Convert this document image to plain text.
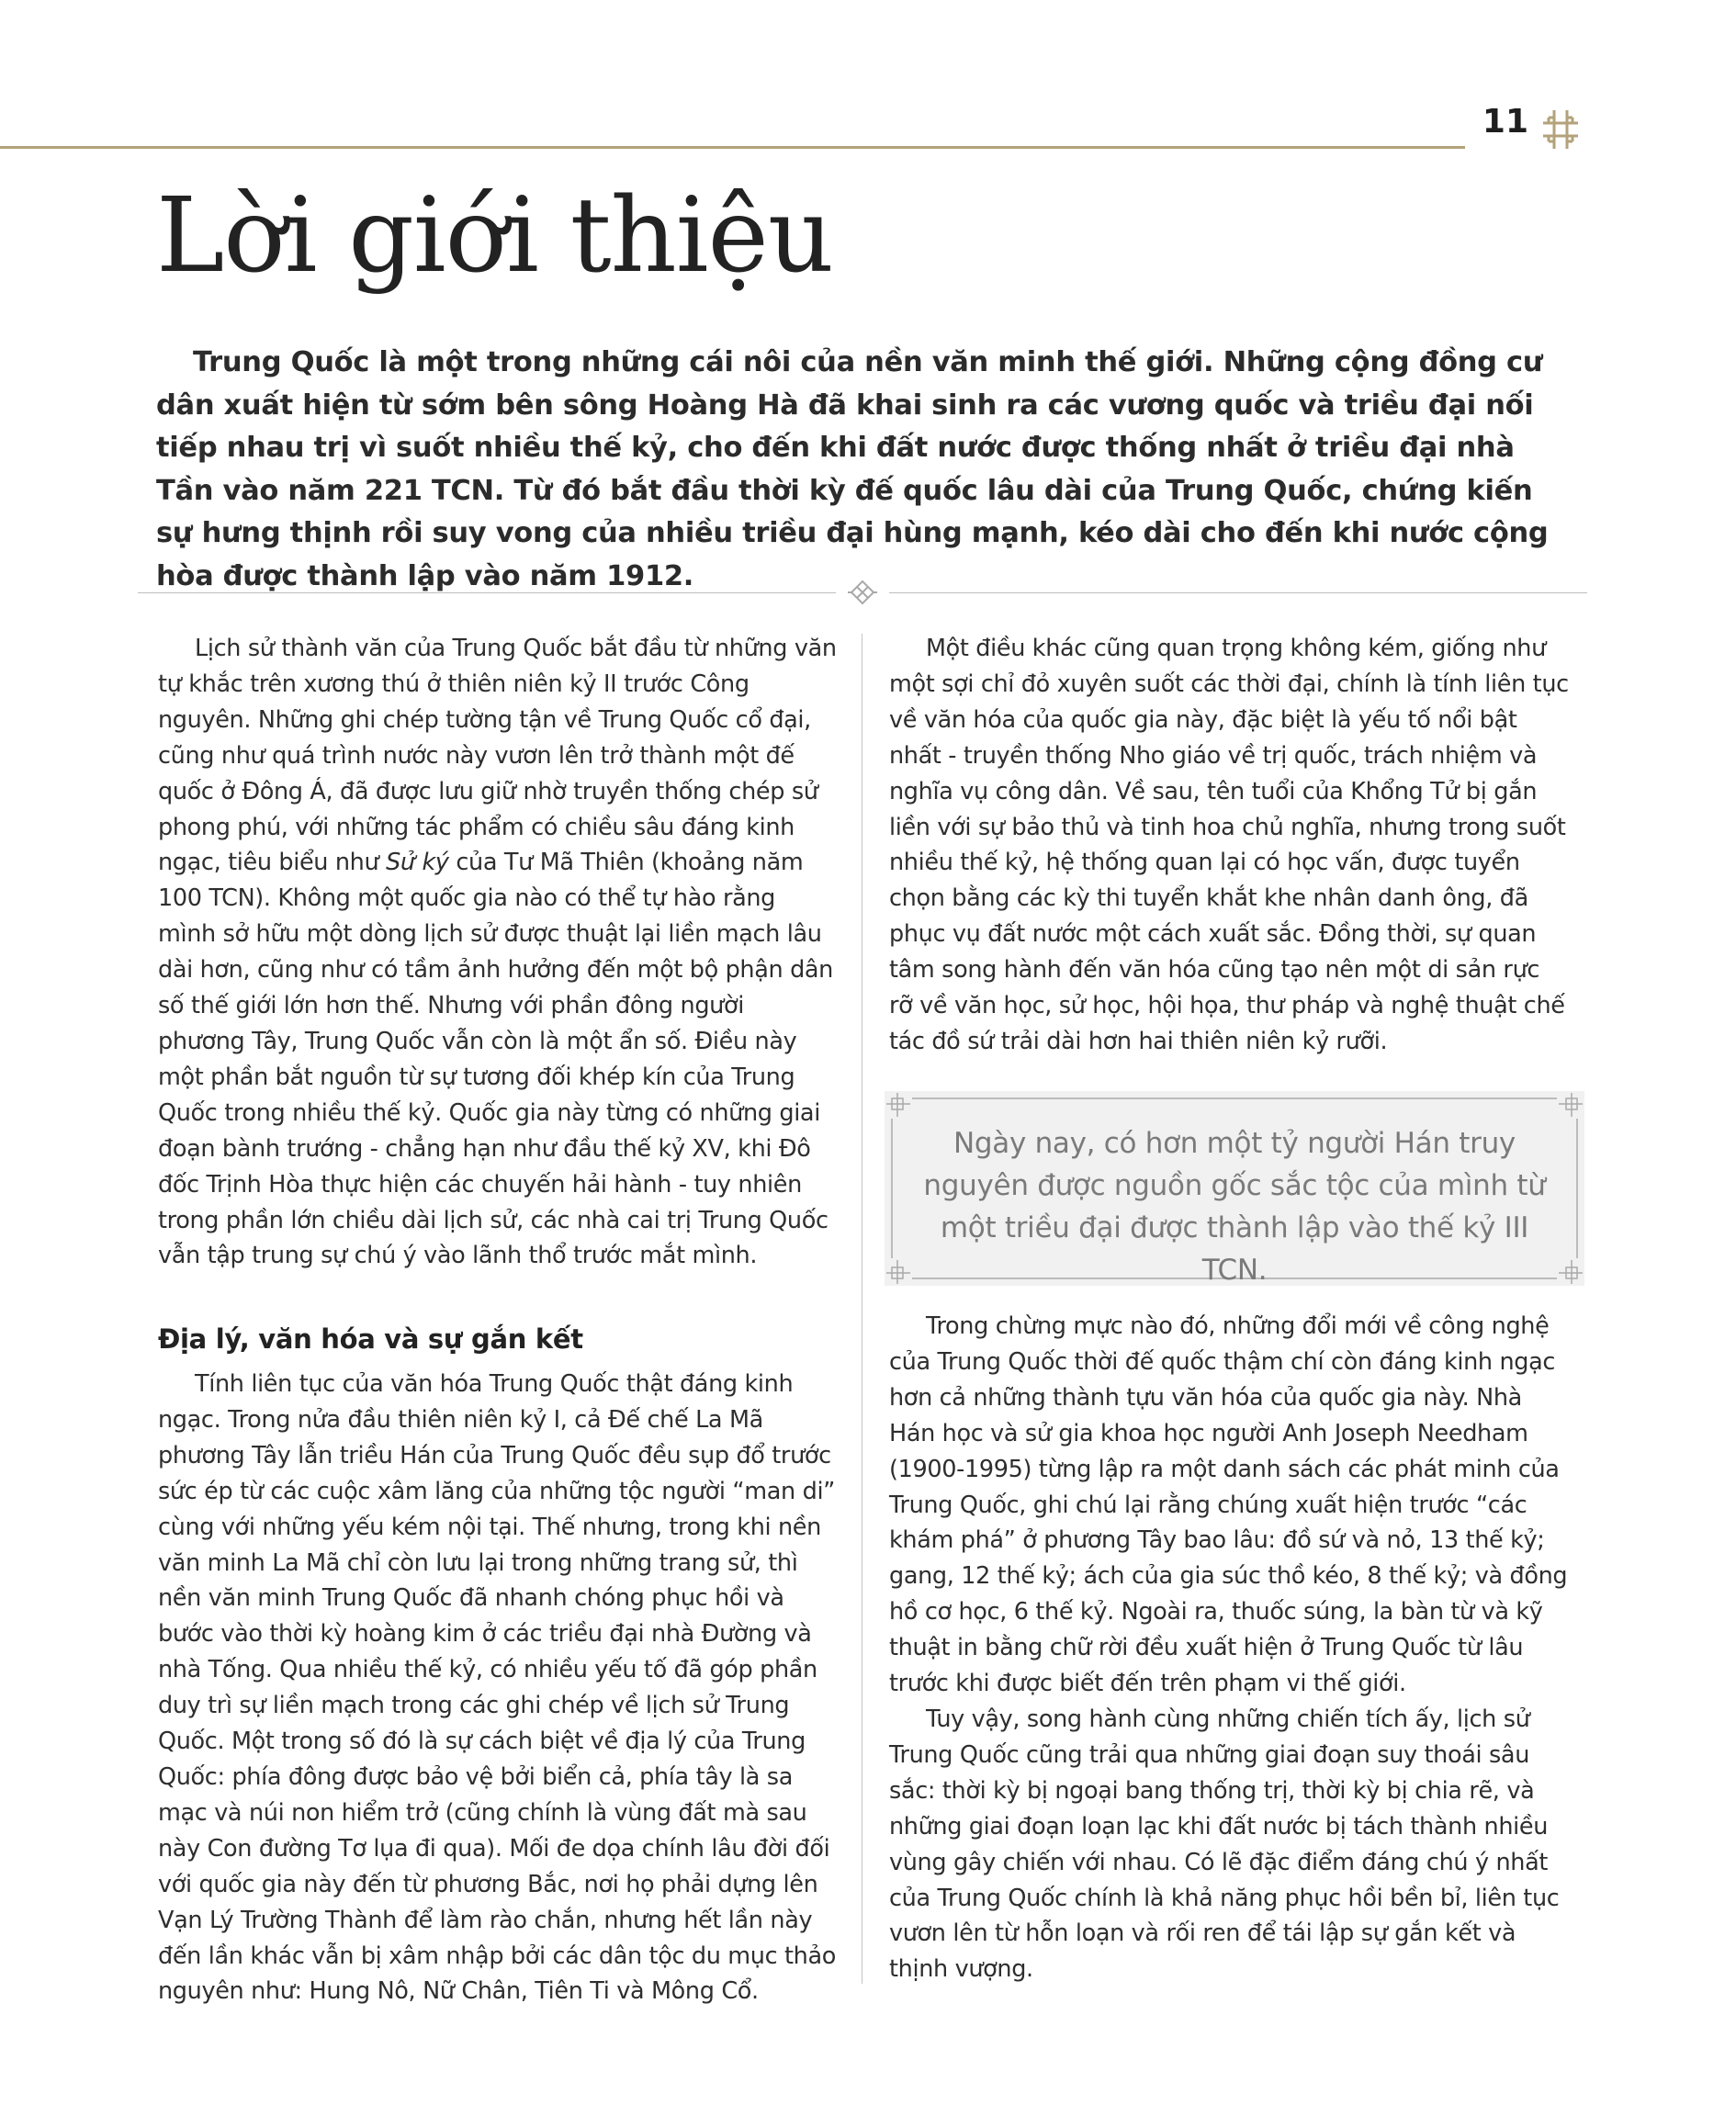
11
Lời giới thiệu

Trung Quốc là một trong những cái nôi của nền văn minh thế giới. Những cộng đồng cư dân xuất hiện từ sớm bên sông Hoàng Hà đã khai sinh ra các vương quốc và triều đại nối tiếp nhau trị vì suốt nhiều thế kỷ, cho đến khi đất nước được thống nhất ở triều đại nhà Tần vào năm 221 TCN. Từ đó bắt đầu thời kỳ đế quốc lâu dài của Trung Quốc, chứng kiến sự hưng thịnh rồi suy vong của nhiều triều đại hùng mạnh, kéo dài cho đến khi nước cộng hòa được thành lập vào năm 1912.

Lịch sử thành văn của Trung Quốc bắt đầu từ những văn tự khắc trên xương thú ở thiên niên kỷ II trước Công nguyên. Những ghi chép tường tận về Trung Quốc cổ đại, cũng như quá trình nước này vươn lên trở thành một đế quốc ở Đông Á, đã được lưu giữ nhờ truyền thống chép sử phong phú, với những tác phẩm có chiều sâu đáng kinh ngạc, tiêu biểu như Sử ký của Tư Mã Thiên (khoảng năm 100 TCN). Không một quốc gia nào có thể tự hào rằng mình sở hữu một dòng lịch sử được thuật lại liền mạch lâu dài hơn, cũng như có tầm ảnh hưởng đến một bộ phận dân số thế giới lớn hơn thế. Nhưng với phần đông người phương Tây, Trung Quốc vẫn còn là một ẩn số. Điều này một phần bắt nguồn từ sự tương đối khép kín của Trung Quốc trong nhiều thế kỷ. Quốc gia này từng có những giai đoạn bành trướng - chẳng hạn như đầu thế kỷ XV, khi Đô đốc Trịnh Hòa thực hiện các chuyến hải hành - tuy nhiên trong phần lớn chiều dài lịch sử, các nhà cai trị Trung Quốc vẫn tập trung sự chú ý vào lãnh thổ trước mắt mình.

Địa lý, văn hóa và sự gắn kết

Tính liên tục của văn hóa Trung Quốc thật đáng kinh ngạc. Trong nửa đầu thiên niên kỷ I, cả Đế chế La Mã phương Tây lẫn triều Hán của Trung Quốc đều sụp đổ trước sức ép từ các cuộc xâm lăng của những tộc người “man di” cùng với những yếu kém nội tại. Thế nhưng, trong khi nền văn minh La Mã chỉ còn lưu lại trong những trang sử, thì nền văn minh Trung Quốc đã nhanh chóng phục hồi và bước vào thời kỳ hoàng kim ở các triều đại nhà Đường và nhà Tống. Qua nhiều thế kỷ, có nhiều yếu tố đã góp phần duy trì sự liền mạch trong các ghi chép về lịch sử Trung Quốc. Một trong số đó là sự cách biệt về địa lý của Trung Quốc: phía đông được bảo vệ bởi biển cả, phía tây là sa mạc và núi non hiểm trở (cũng chính là vùng đất mà sau này Con đường Tơ lụa đi qua). Mối đe dọa chính lâu đời đối với quốc gia này đến từ phương Bắc, nơi họ phải dựng lên Vạn Lý Trường Thành để làm rào chắn, nhưng hết lần này đến lần khác vẫn bị xâm nhập bởi các dân tộc du mục thảo nguyên như: Hung Nô, Nữ Chân, Tiên Ti và Mông Cổ.

Một điều khác cũng quan trọng không kém, giống như một sợi chỉ đỏ xuyên suốt các thời đại, chính là tính liên tục về văn hóa của quốc gia này, đặc biệt là yếu tố nổi bật nhất - truyền thống Nho giáo về trị quốc, trách nhiệm và nghĩa vụ công dân. Về sau, tên tuổi của Khổng Tử bị gắn liền với sự bảo thủ và tinh hoa chủ nghĩa, nhưng trong suốt nhiều thế kỷ, hệ thống quan lại có học vấn, được tuyển chọn bằng các kỳ thi tuyển khắt khe nhân danh ông, đã phục vụ đất nước một cách xuất sắc. Đồng thời, sự quan tâm song hành đến văn hóa cũng tạo nên một di sản rực rỡ về văn học, sử học, hội họa, thư pháp và nghệ thuật chế tác đồ sứ trải dài hơn hai thiên niên kỷ rưỡi.

Ngày nay, có hơn một tỷ người Hán truy nguyên được nguồn gốc sắc tộc của mình từ một triều đại được thành lập vào thế kỷ III TCN.

Trong chừng mực nào đó, những đổi mới về công nghệ của Trung Quốc thời đế quốc thậm chí còn đáng kinh ngạc hơn cả những thành tựu văn hóa của quốc gia này. Nhà Hán học và sử gia khoa học người Anh Joseph Needham (1900-1995) từng lập ra một danh sách các phát minh của Trung Quốc, ghi chú lại rằng chúng xuất hiện trước “các khám phá” ở phương Tây bao lâu: đồ sứ và nỏ, 13 thế kỷ; gang, 12 thế kỷ; ách của gia súc thồ kéo, 8 thế kỷ; và đồng hồ cơ học, 6 thế kỷ. Ngoài ra, thuốc súng, la bàn từ và kỹ thuật in bằng chữ rời đều xuất hiện ở Trung Quốc từ lâu trước khi được biết đến trên phạm vi thế giới.

Tuy vậy, song hành cùng những chiến tích ấy, lịch sử Trung Quốc cũng trải qua những giai đoạn suy thoái sâu sắc: thời kỳ bị ngoại bang thống trị, thời kỳ bị chia rẽ, và những giai đoạn loạn lạc khi đất nước bị tách thành nhiều vùng gây chiến với nhau. Có lẽ đặc điểm đáng chú ý nhất của Trung Quốc chính là khả năng phục hồi bền bỉ, liên tục vươn lên từ hỗn loạn và rối ren để tái lập sự gắn kết và thịnh vượng.
